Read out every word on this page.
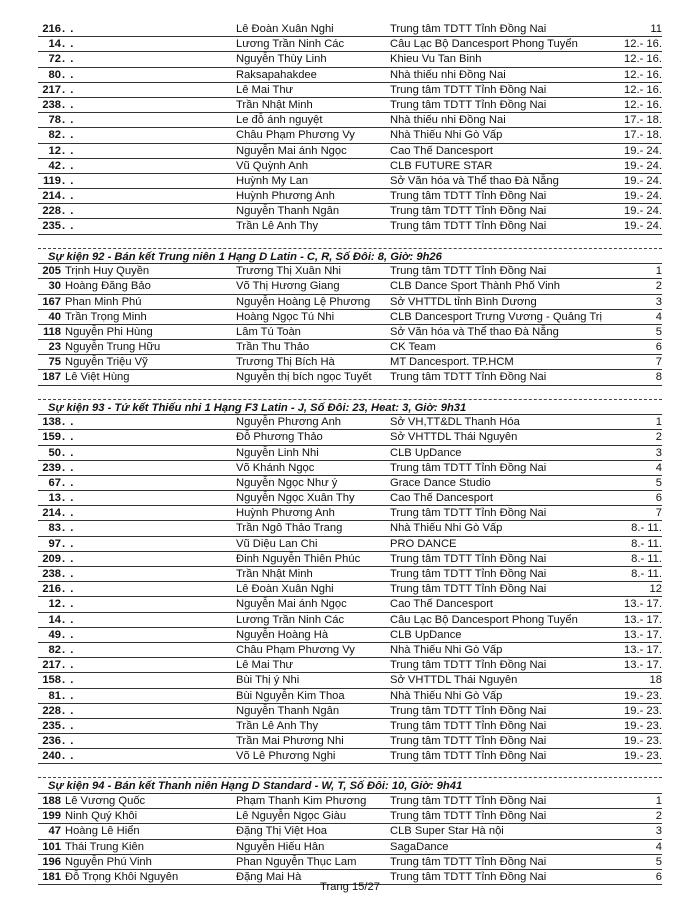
216 . .	Lê Đoàn Xuân Nghi	Trung tâm TDTT Tỉnh Đồng Nai	11
14 . .	Lương Trần Ninh Các	Câu Lạc Bộ Dancesport Phong Tuyển	12.- 16.
72 . .	Nguyễn Thùy Linh	Khieu Vu Tan Binh	12.- 16.
80 . .	Raksapahakdee	Nhà thiếu nhi Đồng Nai	12.- 16.
217 . .	Lê Mai Thư	Trung tâm TDTT Tỉnh Đồng Nai	12.- 16.
238 . .	Trần Nhật Minh	Trung tâm TDTT Tỉnh Đồng Nai	12.- 16.
78 . .	Le đỗ ánh nguyệt	Nhà thiếu nhi Đồng Nai	17.- 18.
82 . .	Châu Phạm Phương Vy	Nhà Thiếu Nhi Gò Vấp	17.- 18.
12 . .	Nguyễn Mai ánh Ngọc	Cao Thế Dancesport	19.- 24.
42 . .	Vũ Quỳnh Anh	CLB FUTURE STAR	19.- 24.
119 . .	Huỳnh My Lan	Sở Văn hóa và Thể thao Đà Nẵng	19.- 24.
214 . .	Huỳnh Phương Anh	Trung tâm TDTT Tỉnh Đồng Nai	19.- 24.
228 . .	Nguyễn Thanh Ngân	Trung tâm TDTT Tỉnh Đồng Nai	19.- 24.
235 . .	Trần Lê Anh Thy	Trung tâm TDTT Tỉnh Đồng Nai	19.- 24.
Sự kiện 92 - Bán kết Trung niên 1 Hạng D Latin - C, R, Số Đôi: 8, Giờ: 9h26
205 Trịnh Huy Quyền	Trương Thị Xuân Nhi	Trung tâm TDTT Tỉnh Đồng Nai	1
30 Hoàng Đăng Bảo	Võ Thị Hương Giang	CLB Dance Sport Thành Phố Vinh	2
167 Phan Minh Phú	Nguyễn Hoàng Lệ Phương	Sở VHTTDL tỉnh Bình Dương	3
40 Trần Trọng Minh	Hoàng Ngọc Tú Nhi	CLB Dancesport Trưng Vương - Quảng Trị	4
118 Nguyễn Phi Hùng	Lâm Tú Toàn	Sở Văn hóa và Thể thao Đà Nẵng	5
23 Nguyễn Trung Hữu	Trần Thu Thảo	CK Team	6
75 Nguyễn Triệu Vỹ	Trương Thị Bích Hà	MT Dancesport. TP.HCM	7
187 Lê Việt Hùng	Nguyễn thị bích ngọc Tuyết	Trung tâm TDTT Tỉnh Đồng Nai	8
Sự kiện 93 - Tứ kết Thiếu nhi 1 Hạng F3 Latin - J, Số Đôi: 23, Heat: 3, Giờ: 9h31
138 . .	Nguyễn Phương Anh	Sở VH,TT&DL Thanh Hóa	1
159 . .	Đỗ Phương Thảo	Sở VHTTDL Thái Nguyên	2
50 . .	Nguyễn Linh Nhi	CLB UpDance	3
239 . .	Võ Khánh Ngọc	Trung tâm TDTT Tỉnh Đồng Nai	4
67 . .	Nguyễn Ngọc Như ý	Grace Dance Studio	5
13 . .	Nguyễn Ngọc Xuân Thy	Cao Thế Dancesport	6
214 . .	Huỳnh Phương Anh	Trung tâm TDTT Tỉnh Đồng Nai	7
83 . .	Trần Ngô Thảo Trang	Nhà Thiếu Nhi Gò Vấp	8.- 11.
97 . .	Vũ Diệu Lan Chi	PRO DANCE	8.- 11.
209 . .	Đinh Nguyễn Thiên Phúc	Trung tâm TDTT Tỉnh Đồng Nai	8.- 11.
238 . .	Trần Nhật Minh	Trung tâm TDTT Tỉnh Đồng Nai	8.- 11.
216 . .	Lê Đoàn Xuân Nghi	Trung tâm TDTT Tỉnh Đồng Nai	12
12 . .	Nguyễn Mai ánh Ngọc	Cao Thế Dancesport	13.- 17.
14 . .	Lương Trần Ninh Các	Câu Lạc Bộ Dancesport Phong Tuyển	13.- 17.
49 . .	Nguyễn Hoàng Hà	CLB UpDance	13.- 17.
82 . .	Châu Phạm Phương Vy	Nhà Thiếu Nhi Gò Vấp	13.- 17.
217 . .	Lê Mai Thư	Trung tâm TDTT Tỉnh Đồng Nai	13.- 17.
158 . .	Bùi Thị ý Nhi	Sở VHTTDL Thái Nguyên	18
81 . .	Bùi Nguyễn Kim Thoa	Nhà Thiếu Nhi Gò Vấp	19.- 23.
228 . .	Nguyễn Thanh Ngân	Trung tâm TDTT Tỉnh Đồng Nai	19.- 23.
235 . .	Trần Lê Anh Thy	Trung tâm TDTT Tỉnh Đồng Nai	19.- 23.
236 . .	Trần Mai Phương Nhi	Trung tâm TDTT Tỉnh Đồng Nai	19.- 23.
240 . .	Võ Lê Phương Nghi	Trung tâm TDTT Tỉnh Đồng Nai	19.- 23.
Sự kiện 94 - Bán kết Thanh niên Hạng D Standard - W, T, Số Đôi: 10, Giờ: 9h41
188 Lê Vương Quốc	Phạm Thanh Kim Phương	Trung tâm TDTT Tỉnh Đồng Nai	1
199 Ninh Quý Khôi	Lê Nguyễn Ngọc Giàu	Trung tâm TDTT Tỉnh Đồng Nai	2
47 Hoàng Lê Hiển	Đặng Thị Việt Hoa	CLB Super Star Hà nội	3
101 Thái Trung Kiên	Nguyễn Hiếu Hân	SagaDance	4
196 Nguyễn Phú Vinh	Phan Nguyễn Thục Lam	Trung tâm TDTT Tỉnh Đồng Nai	5
181 Đỗ Trọng Khôi Nguyên	Đặng Mai Hà	Trung tâm TDTT Tỉnh Đồng Nai	6
Trang 15/27
